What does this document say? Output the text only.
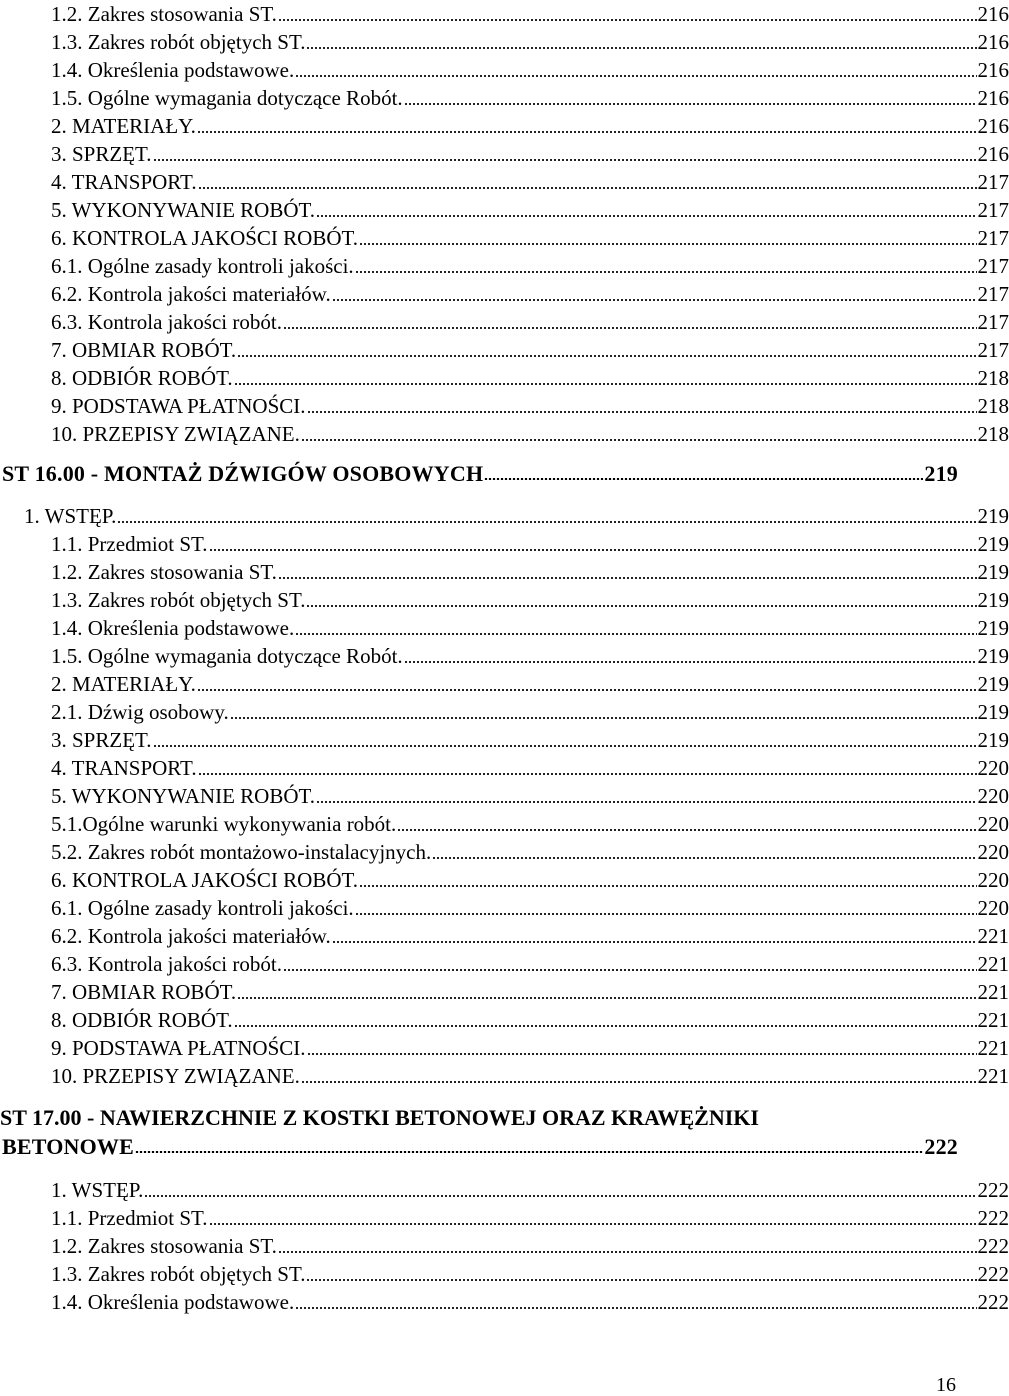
1.2. Zakres stosowania ST.	216
1.3. Zakres robót objętych ST.	216
1.4. Określenia podstawowe.	216
1.5. Ogólne wymagania dotyczące Robót.	216
2. MATERIAŁY.	216
3. SPRZĘT.	216
4. TRANSPORT.	217
5. WYKONYWANIE ROBÓT.	217
6. KONTROLA JAKOŚCI ROBÓT.	217
6.1. Ogólne zasady kontroli jakości.	217
6.2. Kontrola jakości materiałów.	217
6.3. Kontrola jakości robót.	217
7. OBMIAR ROBÓT.	217
8. ODBIÓR ROBÓT.	218
9. PODSTAWA PŁATNOŚCI.	218
10. PRZEPISY ZWIĄZANE.	218
ST 16.00 - MONTAŻ DŹWIGÓW OSOBOWYCH	219
1. WSTĘP.	219
1.1. Przedmiot ST.	219
1.2. Zakres stosowania ST.	219
1.3. Zakres robót objętych ST.	219
1.4. Określenia podstawowe.	219
1.5. Ogólne wymagania dotyczące Robót.	219
2. MATERIAŁY.	219
2.1. Dźwig osobowy.	219
3. SPRZĘT.	219
4. TRANSPORT.	220
5. WYKONYWANIE ROBÓT.	220
5.1.Ogólne warunki wykonywania robót.	220
5.2. Zakres robót montażowo-instalacyjnych.	220
6. KONTROLA JAKOŚCI ROBÓT.	220
6.1. Ogólne zasady kontroli jakości.	220
6.2. Kontrola jakości materiałów.	221
6.3. Kontrola jakości robót.	221
7. OBMIAR ROBÓT.	221
8. ODBIÓR ROBÓT.	221
9. PODSTAWA PŁATNOŚCI.	221
10. PRZEPISY ZWIĄZANE.	221
ST 17.00 - NAWIERZCHNIE Z KOSTKI BETONOWEJ ORAZ KRAWĘŻNIKI
BETONOWE	222
1. WSTĘP.	222
1.1. Przedmiot ST.	222
1.2. Zakres stosowania ST.	222
1.3. Zakres robót objętych ST.	222
1.4. Określenia podstawowe.	222
16
